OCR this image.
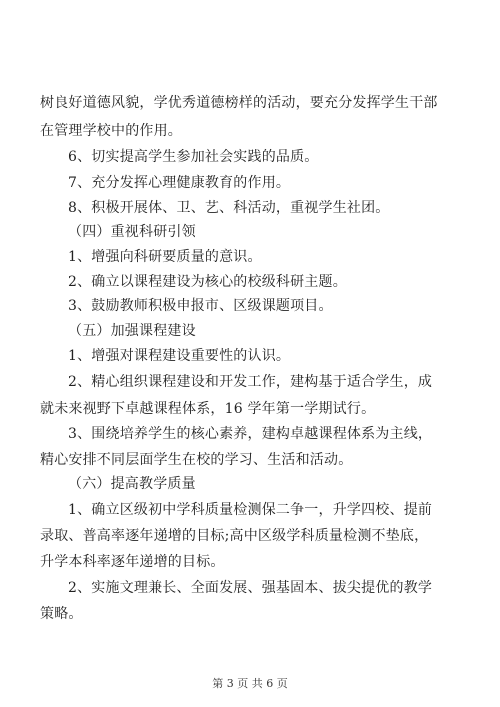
树良好道德风貌，学优秀道德榜样的活动，要充分发挥学生干部
在管理学校中的作用。
6、切实提高学生参加社会实践的品质。
7、充分发挥心理健康教育的作用。
8、积极开展体、卫、艺、科活动，重视学生社团。
（四）重视科研引领
1、增强向科研要质量的意识。
2、确立以课程建设为核心的校级科研主题。
3、鼓励教师积极申报市、区级课题项目。
（五）加强课程建设
1、增强对课程建设重要性的认识。
2、精心组织课程建设和开发工作，建构基于适合学生，成
就未来视野下卓越课程体系，16 学年第一学期试行。
3、围绕培养学生的核心素养，建构卓越课程体系为主线，
精心安排不同层面学生在校的学习、生活和活动。
（六）提高教学质量
1、确立区级初中学科质量检测保二争一，升学四校、提前
录取、普高率逐年递增的目标;高中区级学科质量检测不垫底，
升学本科率逐年递增的目标。
2、实施文理兼长、全面发展、强基固本、拔尖提优的教学
策略。
第 3 页 共 6 页
